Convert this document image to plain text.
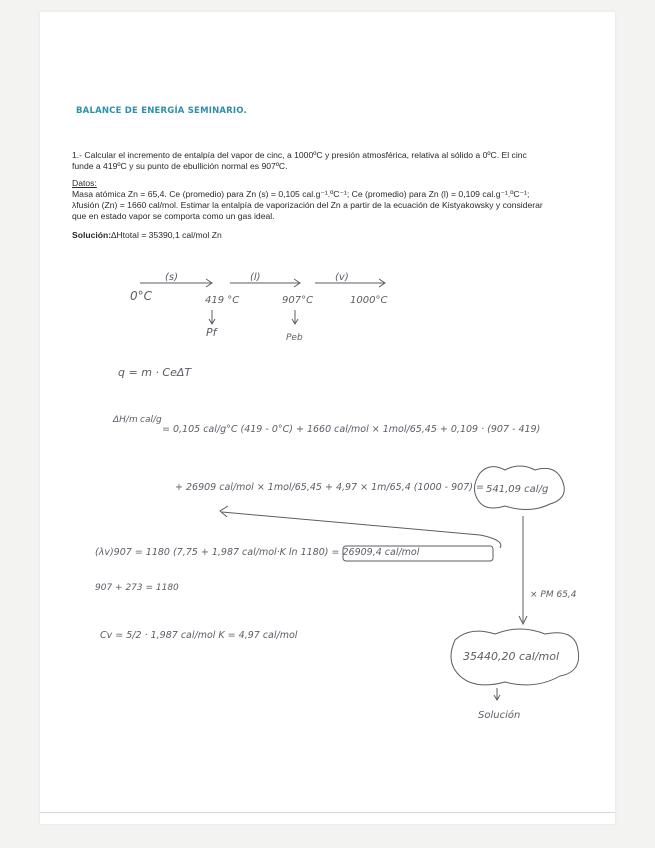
BALANCE DE ENERGÍA SEMINARIO.
1.- Calcular el incremento de entalpía del vapor de cinc, a 1000ºC y presión atmosférica, relativa al sólido a 0ºC. El cinc funde a 419ºC y su punto de ebullición normal es 907ºC.
Datos:
Masa atómica Zn = 65,4. Ce (promedio) para Zn (s) = 0,105 cal.g⁻¹.ºC⁻¹; Ce (promedio) para Zn (l) = 0,109 cal.g⁻¹.ºC⁻¹; λfusión (Zn) = 1660 cal/mol. Estimar la entalpía de vaporización del Zn a partir de la ecuación de Kistyakowsky y considerar que en estado vapor se comporta como un gas ideal.
Solución:∆Htotal = 35390,1 cal/mol Zn
(s)	(l)	(v)
0°C	419 °C	907°C	1000°C
Pf	Peb
q = m · CeΔT
ΔH/m cal/g
= 0,105 cal/g°C (419 - 0°C) + 1660 cal/mol × 1mol/65,45 + 0,109 · (907 - 419)
+ 26909 cal/mol × 1mol/65,45 + 4,97 × 1m/65,4 (1000 - 907) = 541,09 cal/g
(λv)907 = 1180 (7,75 + 1,987 cal/mol·K ln 1180) = 26909,4 cal/mol
907 + 273 = 1180
Cv = 5/2 · 1,987 cal/mol K = 4,97 cal/mol
× PM 65,4
35440,20 cal/mol
Solución
